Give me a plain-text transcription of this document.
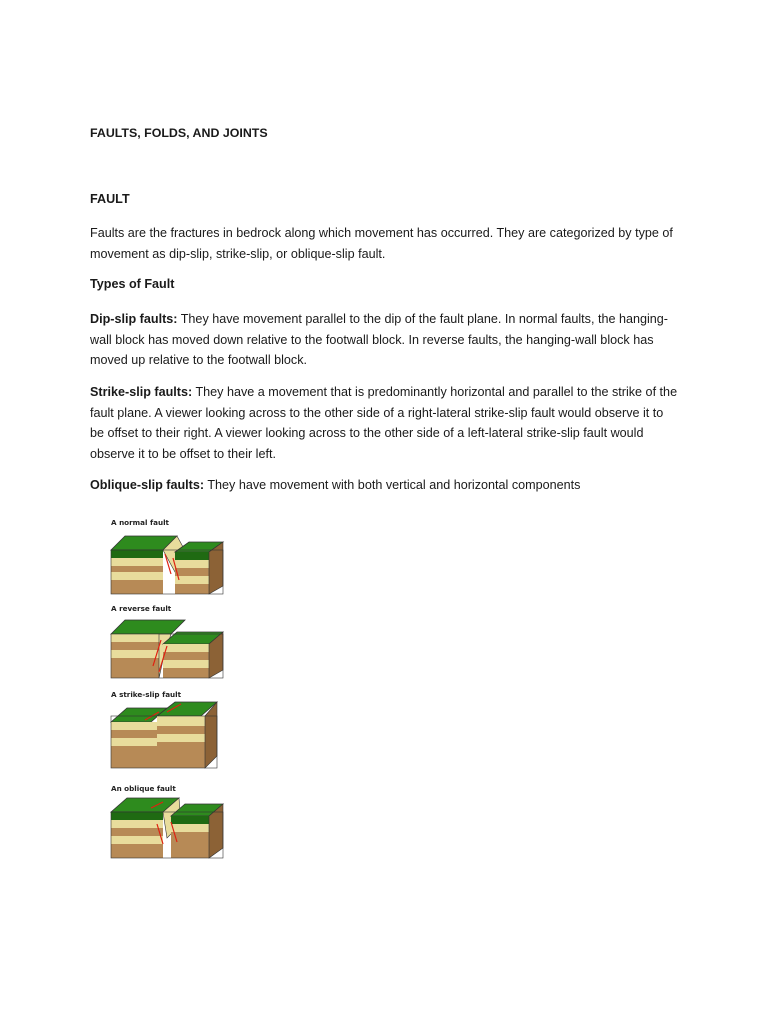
FAULTS, FOLDS, AND JOINTS
FAULT

Faults are the fractures in bedrock along which movement has occurred. They are categorized by type of movement as dip-slip, strike-slip, or oblique-slip fault.

Types of Fault

Dip-slip faults: They have movement parallel to the dip of the fault plane. In normal faults, the hanging-wall block has moved down relative to the footwall block. In reverse faults, the hanging-wall block has moved up relative to the footwall block.

Strike-slip faults: They have a movement that is predominantly horizontal and parallel to the strike of the fault plane. A viewer looking across to the other side of a right-lateral strike-slip fault would observe it to be offset to their right. A viewer looking across to the other side of a left-lateral strike-slip fault would observe it to be offset to their left.

Oblique-slip faults: They have movement with both vertical and horizontal components

A normal fault
A reverse fault
A strike-slip fault
An oblique fault
